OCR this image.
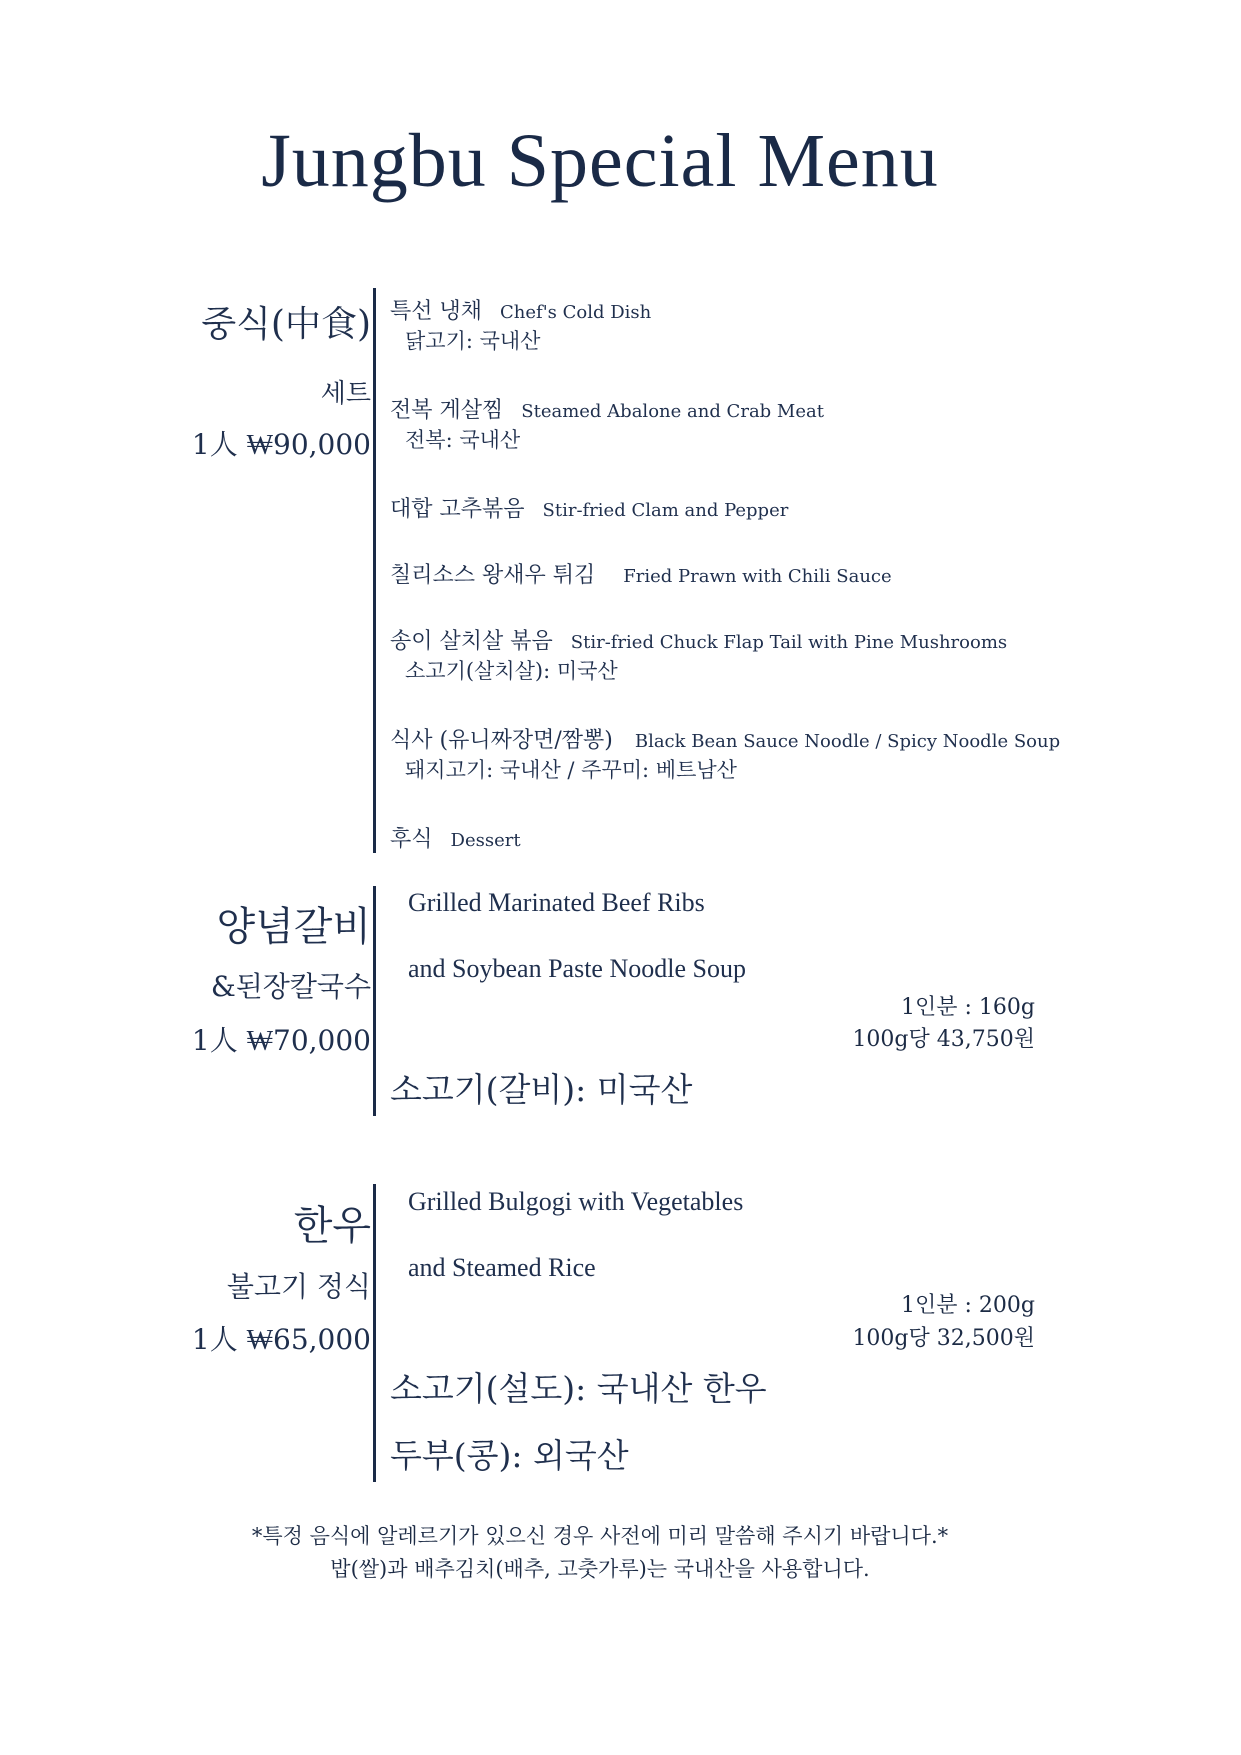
Jungbu Special Menu
중식(中食)
세트
1人 ₩90,000
특선 냉채 Chef's Cold Dish
닭고기: 국내산
전복 게살찜 Steamed Abalone and Crab Meat
전복: 국내산
대합 고추볶음 Stir-fried Clam and Pepper
칠리소스 왕새우 튀김 Fried Prawn with Chili Sauce
송이 살치살 볶음 Stir-fried Chuck Flap Tail with Pine Mushrooms
소고기(살치살): 미국산
식사 (유니짜장면/짬뽕) Black Bean Sauce Noodle / Spicy Noodle Soup
돼지고기: 국내산 / 주꾸미: 베트남산
후식 Dessert
양념갈비
&된장칼국수
1人 ₩70,000
Grilled Marinated Beef Ribs
and Soybean Paste Noodle Soup
1인분 : 160g
100g당 43,750원
소고기(갈비): 미국산
한우
불고기 정식
1人 ₩65,000
Grilled Bulgogi with Vegetables
and Steamed Rice
1인분 : 200g
100g당 32,500원
소고기(설도): 국내산 한우
두부(콩): 외국산
*특정 음식에 알레르기가 있으신 경우 사전에 미리 말씀해 주시기 바랍니다.*
밥(쌀)과 배추김치(배추, 고춧가루)는 국내산을 사용합니다.
